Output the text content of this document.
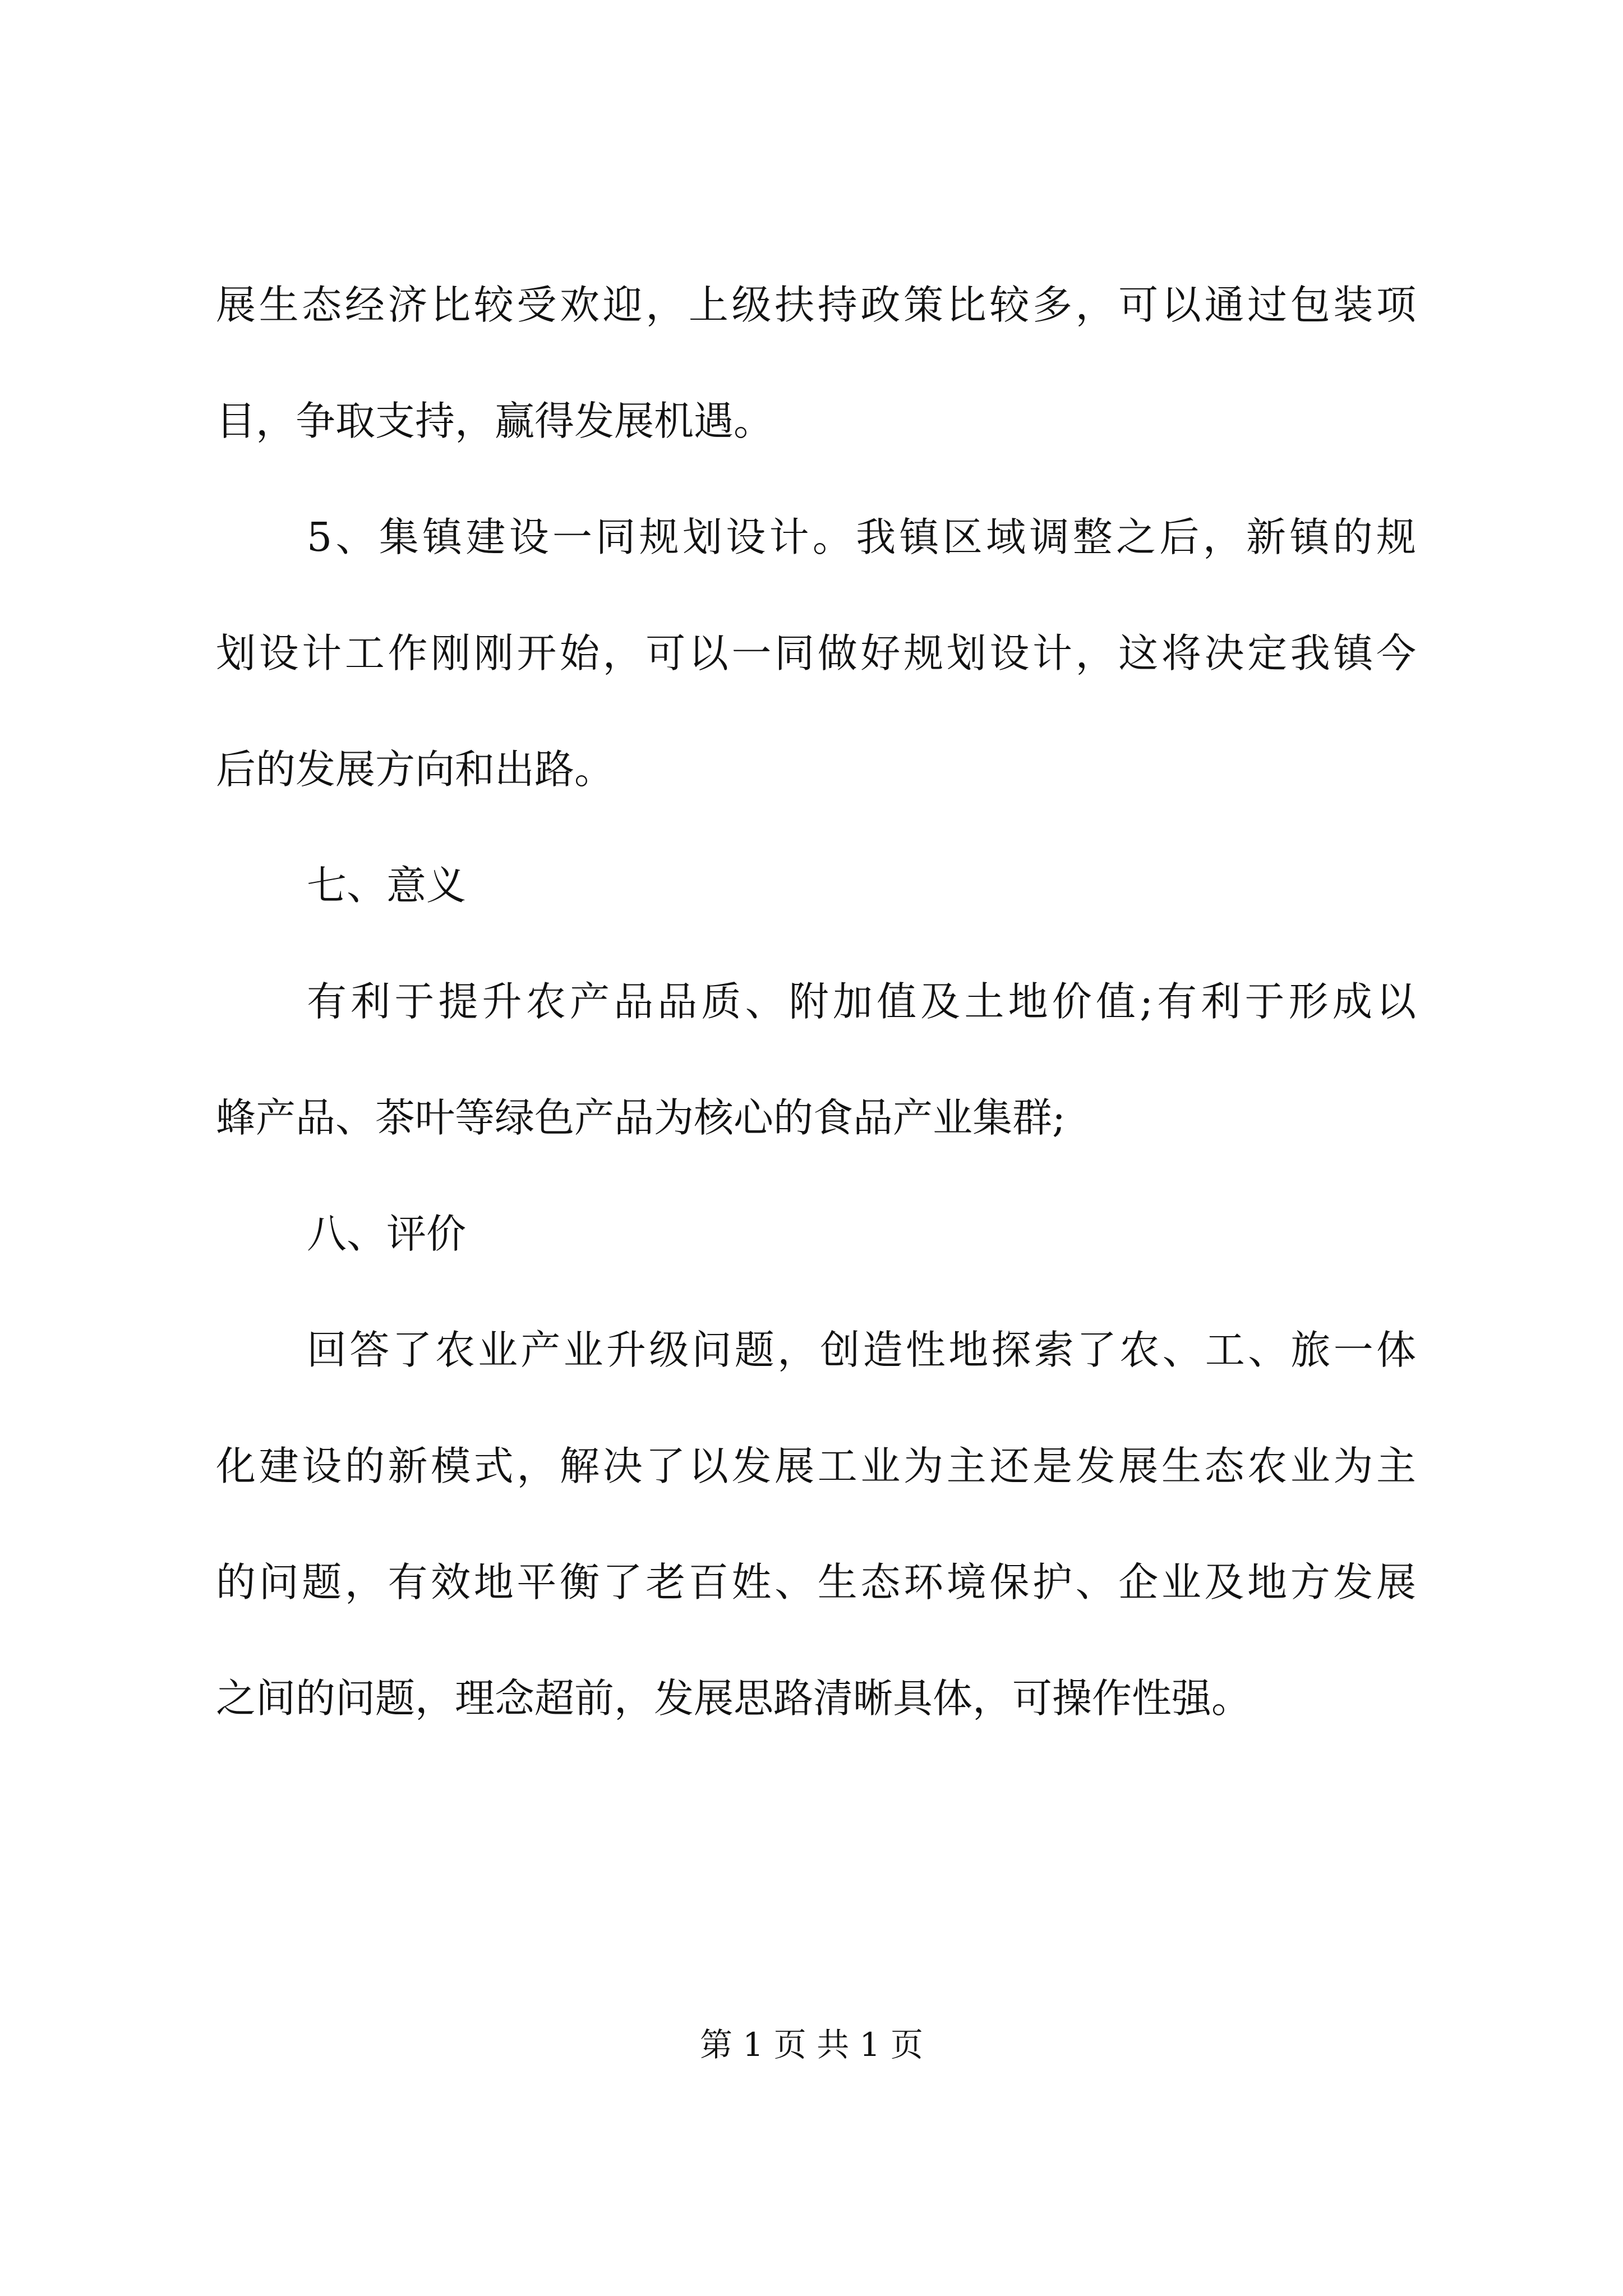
展生态经济比较受欢迎，上级扶持政策比较多，可以通过包装项
目，争取支持，赢得发展机遇。
5、集镇建设一同规划设计。我镇区域调整之后，新镇的规
划设计工作刚刚开始，可以一同做好规划设计，这将决定我镇今
后的发展方向和出路。
七、意义
有利于提升农产品品质、附加值及土地价值;有利于形成以
蜂产品、茶叶等绿色产品为核心的食品产业集群;
八、评价
回答了农业产业升级问题，创造性地探索了农、工、旅一体
化建设的新模式，解决了以发展工业为主还是发展生态农业为主
的问题，有效地平衡了老百姓、生态环境保护、企业及地方发展
之间的问题，理念超前，发展思路清晰具体，可操作性强。
第 1 页 共 1 页
